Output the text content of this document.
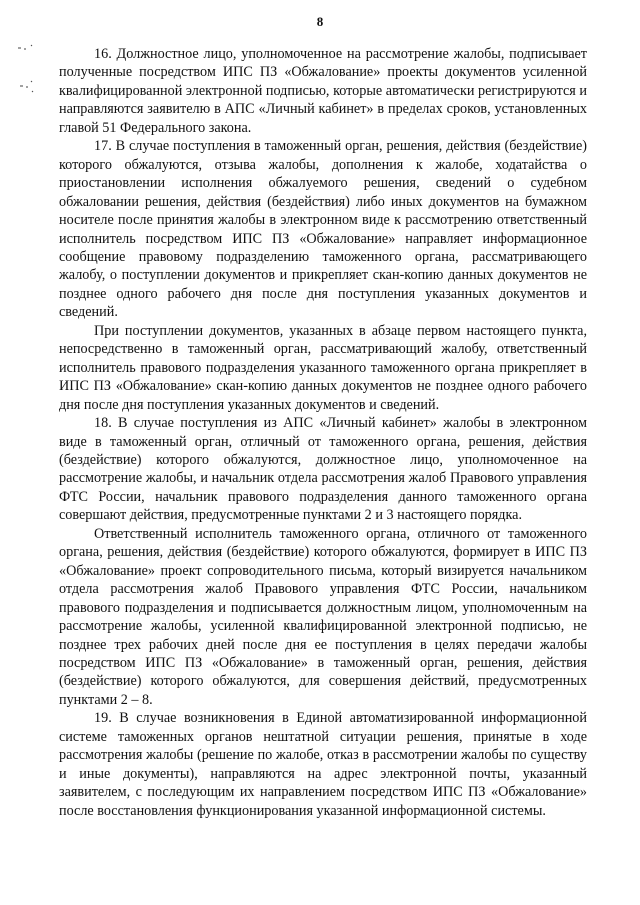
8

16. Должностное лицо, уполномоченное на рассмотрение жалобы, подписывает полученные посредством ИПС ПЗ «Обжалование» проекты документов усиленной квалифицированной электронной подписью, которые автоматически регистрируются и направляются заявителю в АПС «Личный кабинет» в пределах сроков, установленных главой 51 Федерального закона.

17. В случае поступления в таможенный орган, решения, действия (бездействие) которого обжалуются, отзыва жалобы, дополнения к жалобе, ходатайства о приостановлении исполнения обжалуемого решения, сведений о судебном обжаловании решения, действия (бездействия) либо иных документов на бумажном носителе после принятия жалобы в электронном виде к рассмотрению ответственный исполнитель посредством ИПС ПЗ «Обжалование» направляет информационное сообщение правовому подразделению таможенного органа, рассматривающего жалобу, о поступлении документов и прикрепляет скан-копию данных документов не позднее одного рабочего дня после дня поступления указанных документов и сведений.

При поступлении документов, указанных в абзаце первом настоящего пункта, непосредственно в таможенный орган, рассматривающий жалобу, ответственный исполнитель правового подразделения указанного таможенного органа прикрепляет в ИПС ПЗ «Обжалование» скан-копию данных документов не позднее одного рабочего дня после дня поступления указанных документов и сведений.

18. В случае поступления из АПС «Личный кабинет» жалобы в электронном виде в таможенный орган, отличный от таможенного органа, решения, действия (бездействие) которого обжалуются, должностное лицо, уполномоченное на рассмотрение жалобы, и начальник отдела рассмотрения жалоб Правового управления ФТС России, начальник правового подразделения данного таможенного органа совершают действия, предусмотренные пунктами 2 и 3 настоящего порядка.

Ответственный исполнитель таможенного органа, отличного от таможенного органа, решения, действия (бездействие) которого обжалуются, формирует в ИПС ПЗ «Обжалование» проект сопроводительного письма, который визируется начальником отдела рассмотрения жалоб Правового управления ФТС России, начальником правового подразделения и подписывается должностным лицом, уполномоченным на рассмотрение жалобы, усиленной квалифицированной электронной подписью, не позднее трех рабочих дней после дня ее поступления в целях передачи жалобы посредством ИПС ПЗ «Обжалование» в таможенный орган, решения, действия (бездействие) которого обжалуются, для совершения действий, предусмотренных пунктами 2 – 8.

19. В случае возникновения в Единой автоматизированной информационной системе таможенных органов нештатной ситуации решения, принятые в ходе рассмотрения жалобы (решение по жалобе, отказ в рассмотрении жалобы по существу и иные документы), направляются на адрес электронной почты, указанный заявителем, с последующим их направлением посредством ИПС ПЗ «Обжалование» после восстановления функционирования указанной информационной системы.
